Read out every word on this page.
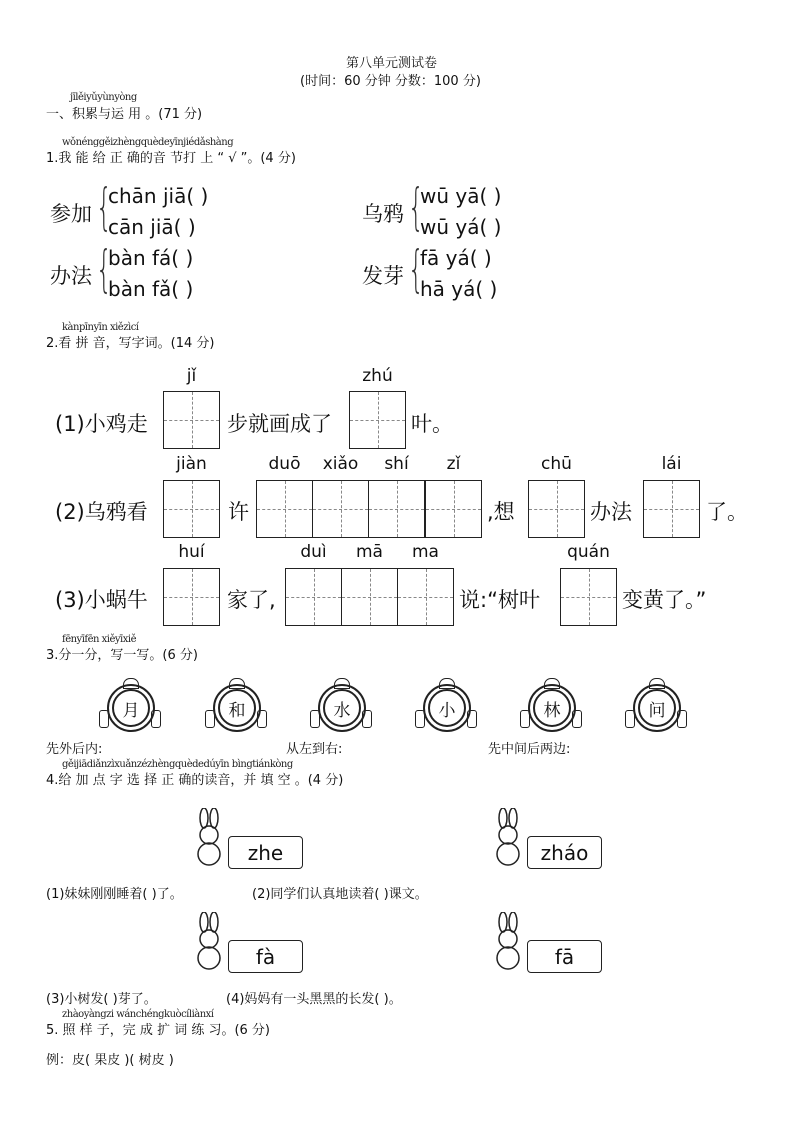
第八单元测试卷
(时间：60 分钟 分数：100 分)
jīlěiyǔyùnyòng
一、积累与运 用 。(71 分)
wǒnénggěizhèngquèdeyīnjiédǎshàng
1.我 能 给 正 确的音 节打 上 “ √ ”。(4 分)
参加 {
chān jiā( )
cān jiā( )
乌鸦 {
wū yā( )
wū yá( )
办法 {
bàn fá( )
bàn fǎ( )
发芽 {
fā yá( )
hā yá( )
kànpīnyīn xiězìcí
2.看 拼 音，写字词。(14 分)
(1)小鸡走
jǐ
步就画成了
zhú
叶。
(2)乌鸦看
jiàn
许
duō	xiǎo	shí	zǐ
,想
chū
办法
lái
了。
(3)小蜗牛
huí
家了,
duì	mā	ma
说:“树叶
quán
变黄了。”
fēnyīfēn xiěyīxiě
3.分一分，写一写。(6 分)
月	和	水	小	林	问
先外后内:	从左到右:	先中间后两边:
gěijiādiǎnzìxuǎnzézhèngquèdedúyīn bìngtiánkòng
4.给 加 点 字 选 择 正 确的读音，并 填 空 。(4 分)
zhe	zháo
(1)妹妹刚刚睡着( )了。	(2)同学们认真地读着( )课文。
fà	fā
(3)小树发( )芽了。	(4)妈妈有一头黑黑的长发( )。
zhàoyàngzi wánchéngkuòcíliànxí
5. 照 样 子，完 成 扩 词 练 习。(6 分)
例：皮( 果皮 )( 树皮 )
